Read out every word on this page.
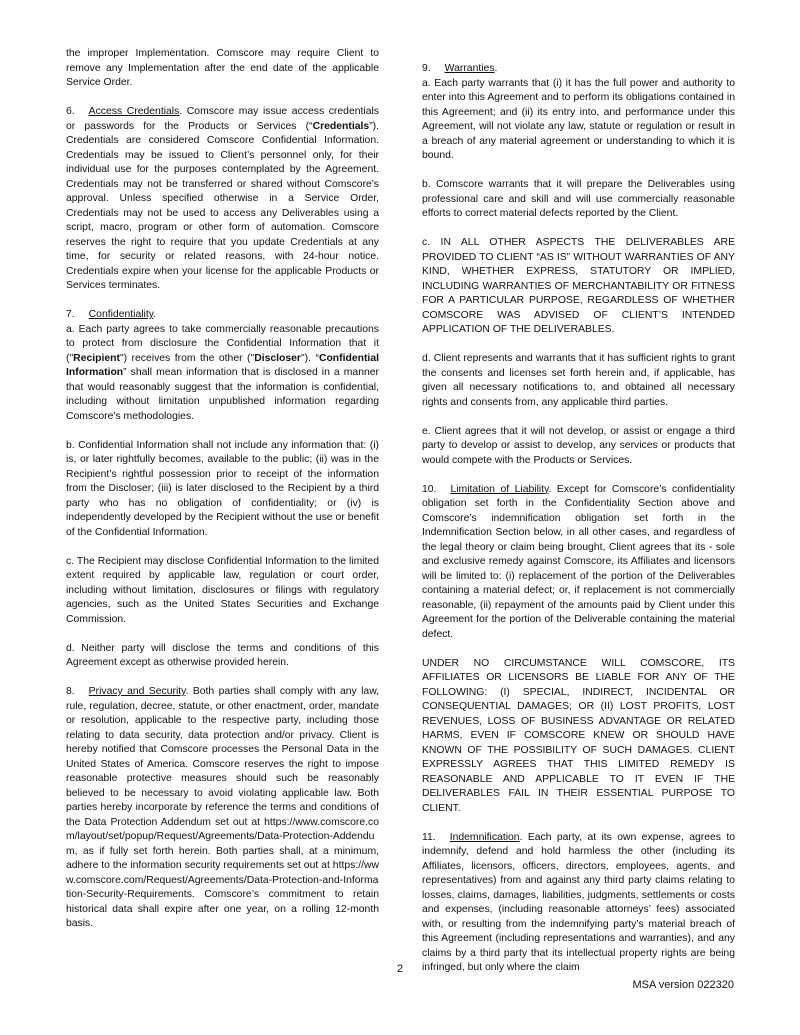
the improper Implementation. Comscore may require Client to remove any Implementation after the end date of the applicable Service Order.

6. Access Credentials. Comscore may issue access credentials or passwords for the Products or Services (“Credentials”). Credentials are considered Comscore Confidential Information. Credentials may be issued to Client’s personnel only, for their individual use for the purposes contemplated by the Agreement. Credentials may not be transferred or shared without Comscore's approval. Unless specified otherwise in a Service Order, Credentials may not be used to access any Deliverables using a script, macro, program or other form of automation. Comscore reserves the right to require that you update Credentials at any time, for security or related reasons, with 24-hour notice. Credentials expire when your license for the applicable Products or Services terminates.

7. Confidentiality.

a. Each party agrees to take commercially reasonable precautions to protect from disclosure the Confidential Information that it ("Recipient") receives from the other ("Discloser"). “Confidential Information” shall mean information that is disclosed in a manner that would reasonably suggest that the information is confidential, including without limitation unpublished information regarding Comscore’s methodologies.

b. Confidential Information shall not include any information that: (i) is, or later rightfully becomes, available to the public; (ii) was in the Recipient’s rightful possession prior to receipt of the information from the Discloser; (iii) is later disclosed to the Recipient by a third party who has no obligation of confidentiality; or (iv) is independently developed by the Recipient without the use or benefit of the Confidential Information.

c. The Recipient may disclose Confidential Information to the limited extent required by applicable law, regulation or court order, including without limitation, disclosures or filings with regulatory agencies, such as the United States Securities and Exchange Commission.

d. Neither party will disclose the terms and conditions of this Agreement except as otherwise provided herein.

8. Privacy and Security. Both parties shall comply with any law, rule, regulation, decree, statute, or other enactment, order, mandate or resolution, applicable to the respective party, including those relating to data security, data protection and/or privacy. Client is hereby notified that Comscore processes the Personal Data in the United States of America. Comscore reserves the right to impose reasonable protective measures should such be reasonably believed to be necessary to avoid violating applicable law. Both parties hereby incorporate by reference the terms and conditions of the Data Protection Addendum set out at https://www.comscore.com/layout/set/popup/Request/Agreements/Data-Protection-Addendum, as if fully set forth herein. Both parties shall, at a minimum, adhere to the information security requirements set out at https://www.comscore.com/Request/Agreements/Data-Protection-and-Information-Security-Requirements. Comscore’s commitment to retain historical data shall expire after one year, on a rolling 12-month basis.

9. Warranties.

a. Each party warrants that (i) it has the full power and authority to enter into this Agreement and to perform its obligations contained in this Agreement; and (ii) its entry into, and performance under this Agreement, will not violate any law, statute or regulation or result in a breach of any material agreement or understanding to which it is bound.

b. Comscore warrants that it will prepare the Deliverables using professional care and skill and will use commercially reasonable efforts to correct material defects reported by the Client.

c. IN ALL OTHER ASPECTS THE DELIVERABLES ARE PROVIDED TO CLIENT “AS IS” WITHOUT WARRANTIES OF ANY KIND, WHETHER EXPRESS, STATUTORY OR IMPLIED, INCLUDING WARRANTIES OF MERCHANTABILITY OR FITNESS FOR A PARTICULAR PURPOSE, REGARDLESS OF WHETHER COMSCORE WAS ADVISED OF CLIENT’S INTENDED APPLICATION OF THE DELIVERABLES.

d. Client represents and warrants that it has sufficient rights to grant the consents and licenses set forth herein and, if applicable, has given all necessary notifications to, and obtained all necessary rights and consents from, any applicable third parties.

e. Client agrees that it will not develop, or assist or engage a third party to develop or assist to develop, any services or products that would compete with the Products or Services.

10. Limitation of Liability. Except for Comscore’s confidentiality obligation set forth in the Confidentiality Section above and Comscore’s indemnification obligation set forth in the Indemnification Section below, in all other cases, and regardless of the legal theory or claim being brought, Client agrees that its - sole and exclusive remedy against Comscore, its Affiliates and licensors will be limited to: (i) replacement of the portion of the Deliverables containing a material defect; or, if replacement is not commercially reasonable, (ii) repayment of the amounts paid by Client under this Agreement for the portion of the Deliverable containing the material defect.

UNDER NO CIRCUMSTANCE WILL COMSCORE, ITS AFFILIATES OR LICENSORS BE LIABLE FOR ANY OF THE FOLLOWING: (I) SPECIAL, INDIRECT, INCIDENTAL OR CONSEQUENTIAL DAMAGES; OR (II) LOST PROFITS, LOST REVENUES, LOSS OF BUSINESS ADVANTAGE OR RELATED HARMS, EVEN IF COMSCORE KNEW OR SHOULD HAVE KNOWN OF THE POSSIBILITY OF SUCH DAMAGES. CLIENT EXPRESSLY AGREES THAT THIS LIMITED REMEDY IS REASONABLE AND APPLICABLE TO IT EVEN IF THE DELIVERABLES FAIL IN THEIR ESSENTIAL PURPOSE TO CLIENT.

11. Indemnification. Each party, at its own expense, agrees to indemnify, defend and hold harmless the other (including its Affiliates, licensors, officers, directors, employees, agents, and representatives) from and against any third party claims relating to losses, claims, damages, liabilities, judgments, settlements or costs and expenses, (including reasonable attorneys’ fees) associated with, or resulting from the indemnifying party’s material breach of this Agreement (including representations and warranties), and any claims by a third party that its intellectual property rights are being infringed, but only where the claim

2
MSA version 022320
